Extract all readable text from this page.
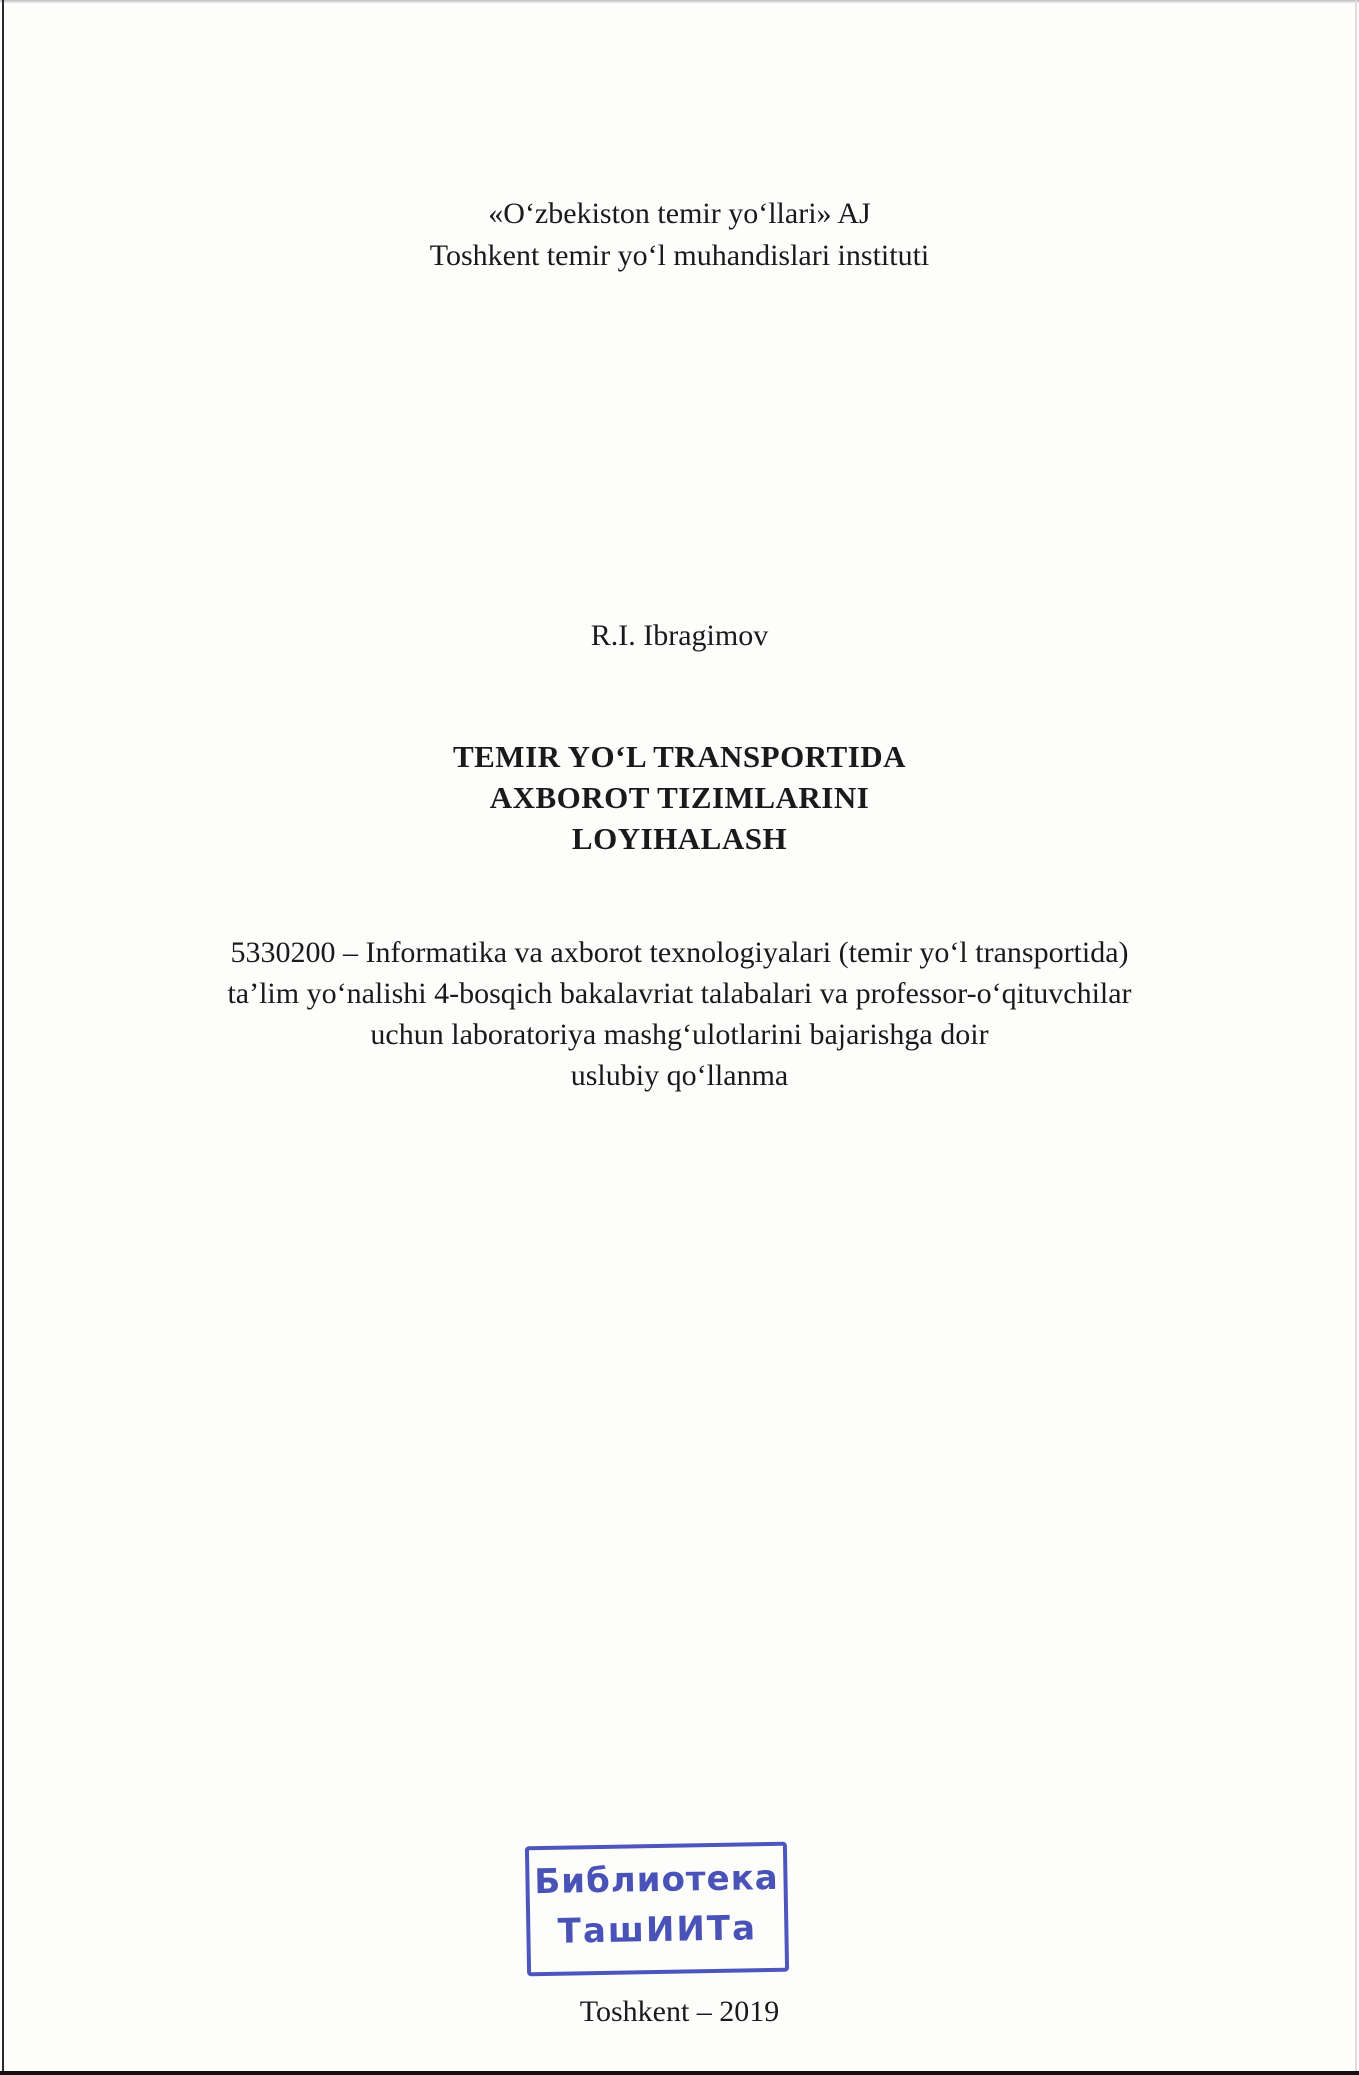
«O‘zbekiston temir yo‘llari» AJ
Toshkent temir yo‘l muhandislari instituti
R.I. Ibragimov
TEMIR YO‘L TRANSPORTIDA
AXBOROT TIZIMLARINI
LOYIHALASH
5330200 – Informatika va axborot texnologiyalari (temir yo‘l transportida)
ta’lim yo‘nalishi 4-bosqich bakalavriat talabalari va professor-o‘qituvchilar
uchun laboratoriya mashg‘ulotlarini bajarishga doir
uslubiy qo‘llanma
Библиотека
ТашИИТа
Toshkent – 2019
